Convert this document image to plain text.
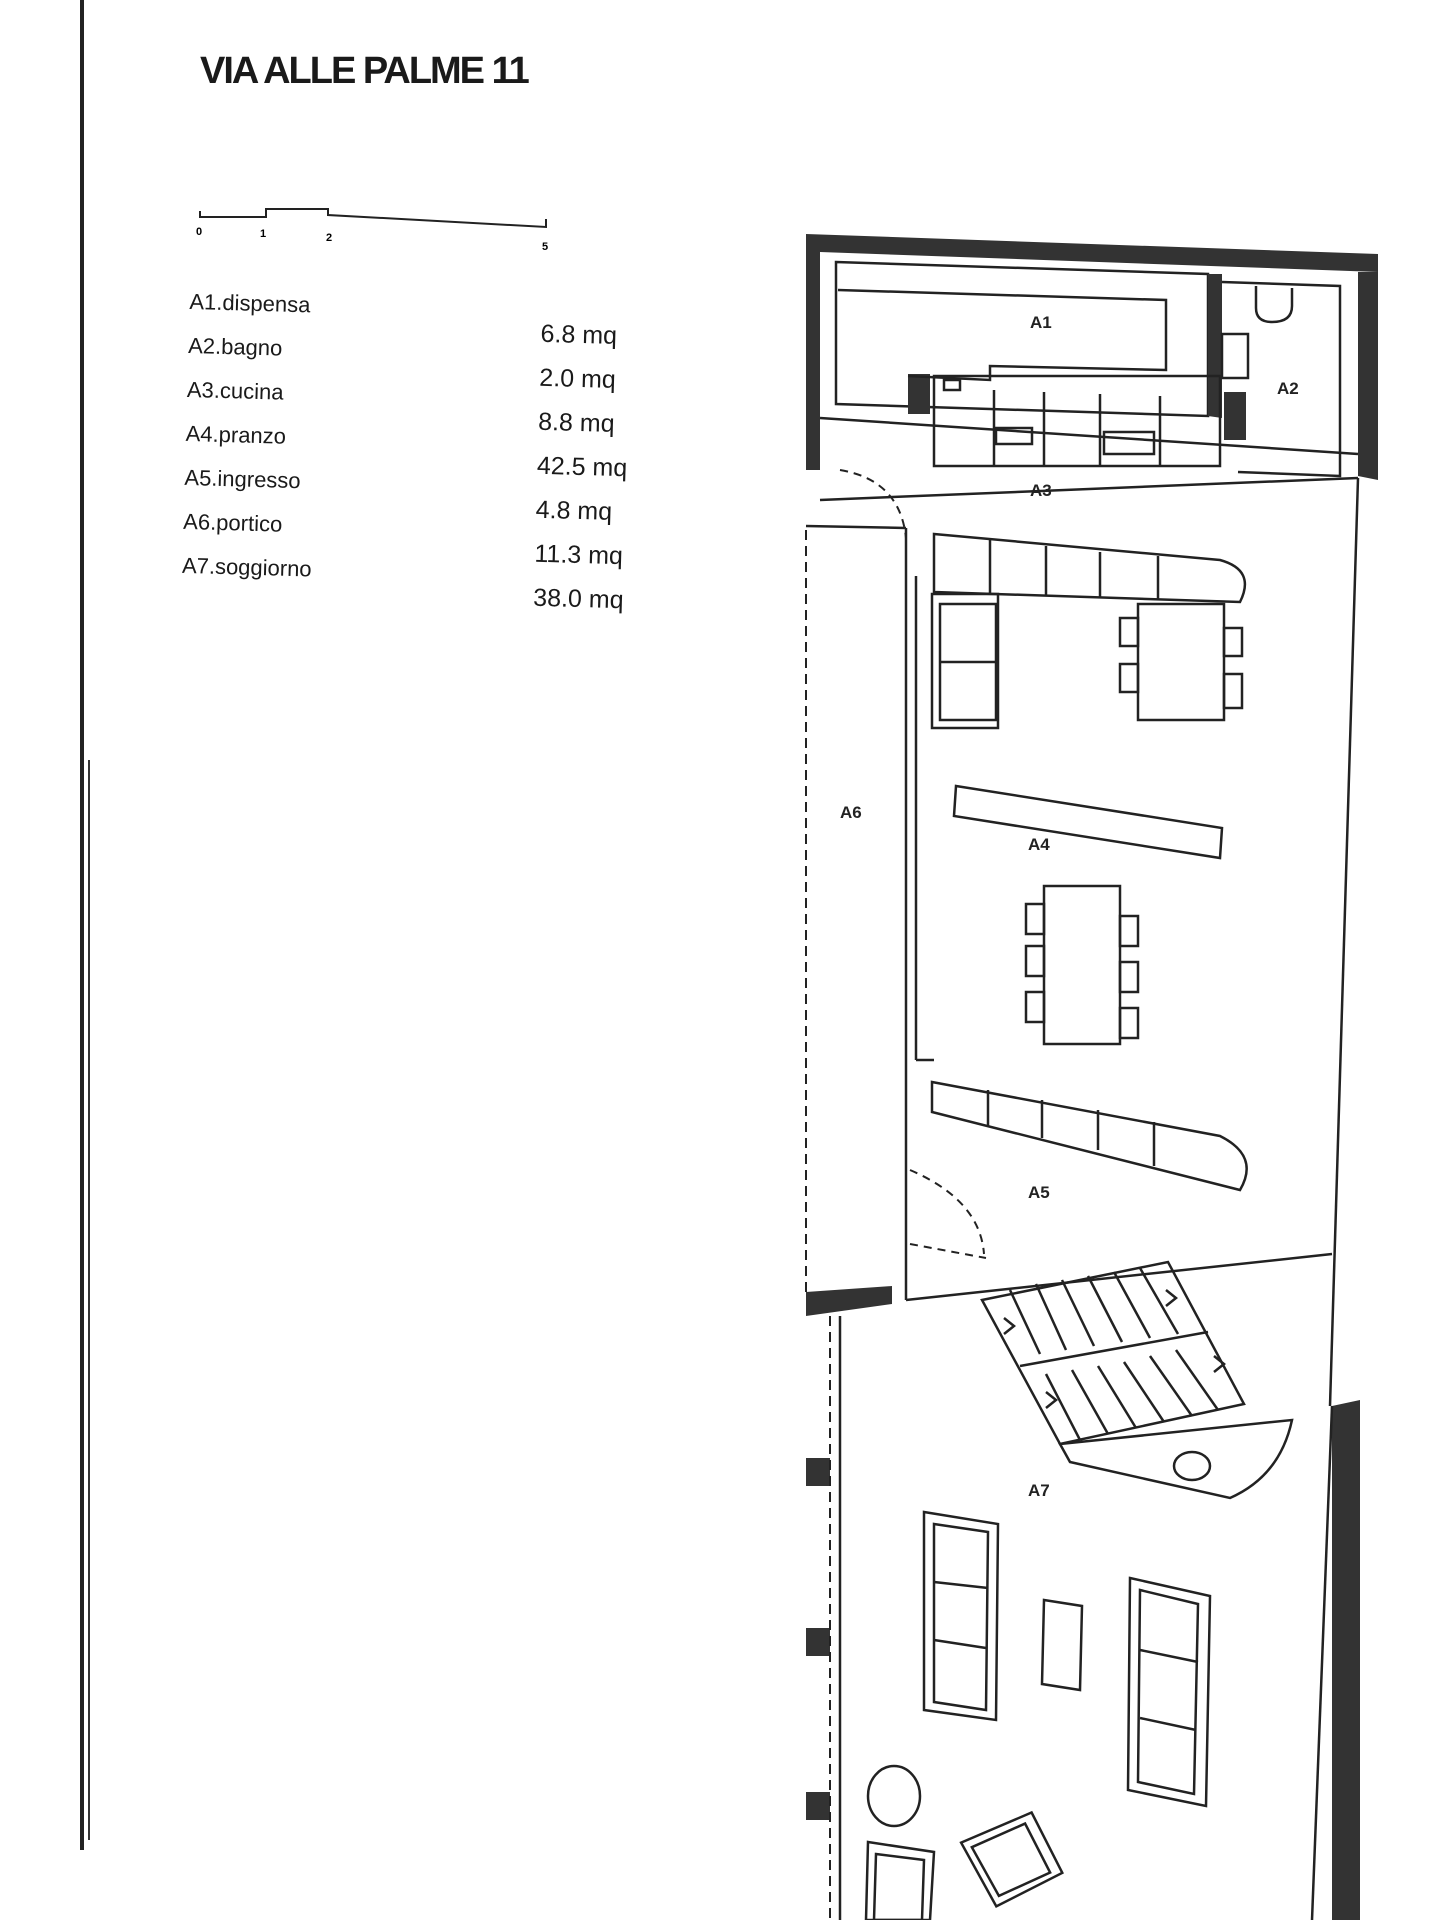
VIA ALLE PALME 11
0	1	2
5
A1.dispensa
A2.bagno
A3.cucina
A4.pranzo
A5.ingresso
A6.portico
A7.soggiorno
6.8 mq
2.0 mq
8.8 mq
42.5 mq
4.8 mq
11.3 mq
38.0 mq
A1
A2
A3
A4
A5
A6
A7
